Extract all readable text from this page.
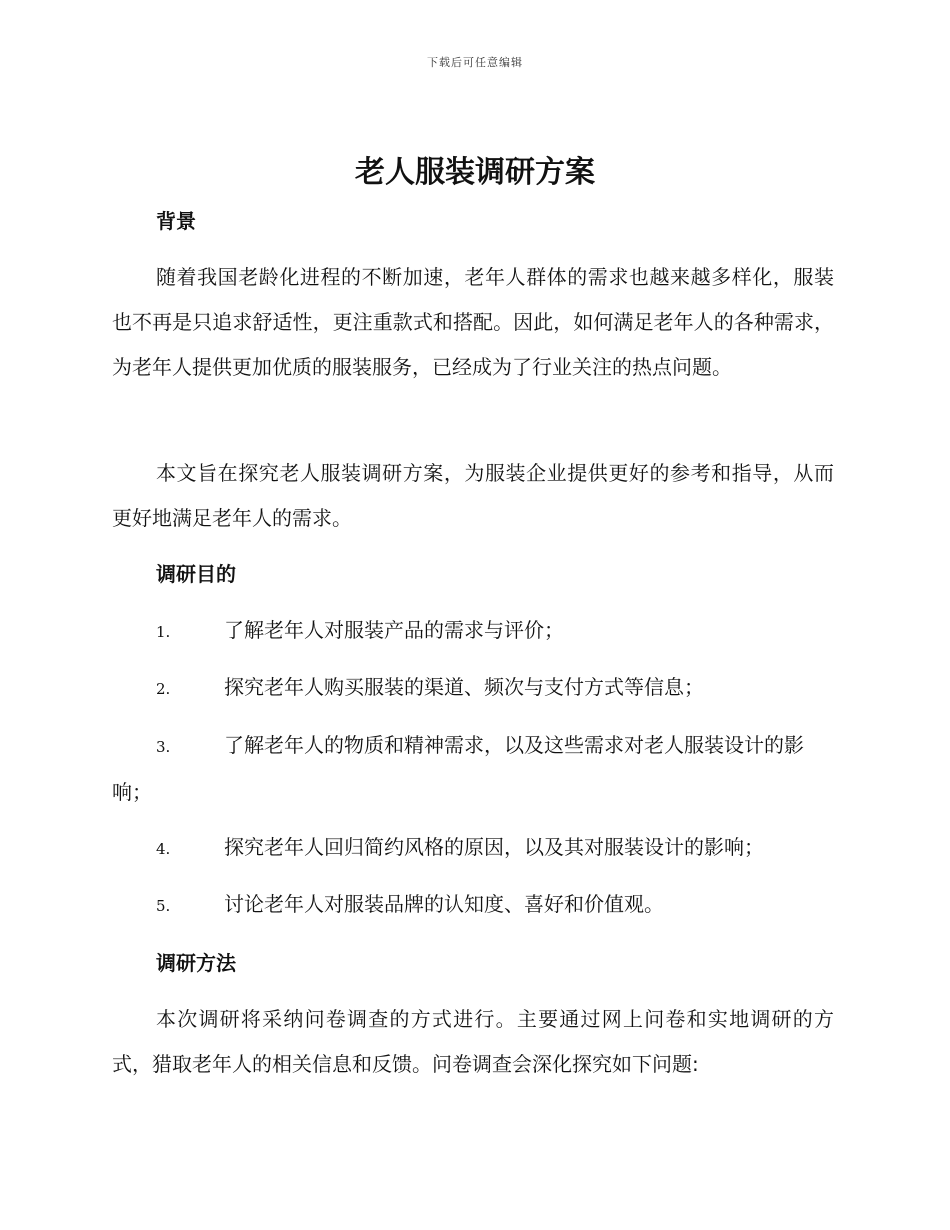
下载后可任意编辑
老人服装调研方案
背景

随着我国老龄化进程的不断加速，老年人群体的需求也越来越多样化，服装也不再是只追求舒适性，更注重款式和搭配。因此，如何满足老年人的各种需求，为老年人提供更加优质的服装服务，已经成为了行业关注的热点问题。

本文旨在探究老人服装调研方案，为服装企业提供更好的参考和指导，从而更好地满足老年人的需求。

调研目的
1.	了解老年人对服装产品的需求与评价；
2.	探究老年人购买服装的渠道、频次与支付方式等信息；
3.	了解老年人的物质和精神需求，以及这些需求对老人服装设计的影响；
4.	探究老年人回归简约风格的原因，以及其对服装设计的影响；
5.	讨论老年人对服装品牌的认知度、喜好和价值观。
调研方法

本次调研将采纳问卷调查的方式进行。主要通过网上问卷和实地调研的方式，猎取老年人的相关信息和反馈。问卷调查会深化探究如下问题:
